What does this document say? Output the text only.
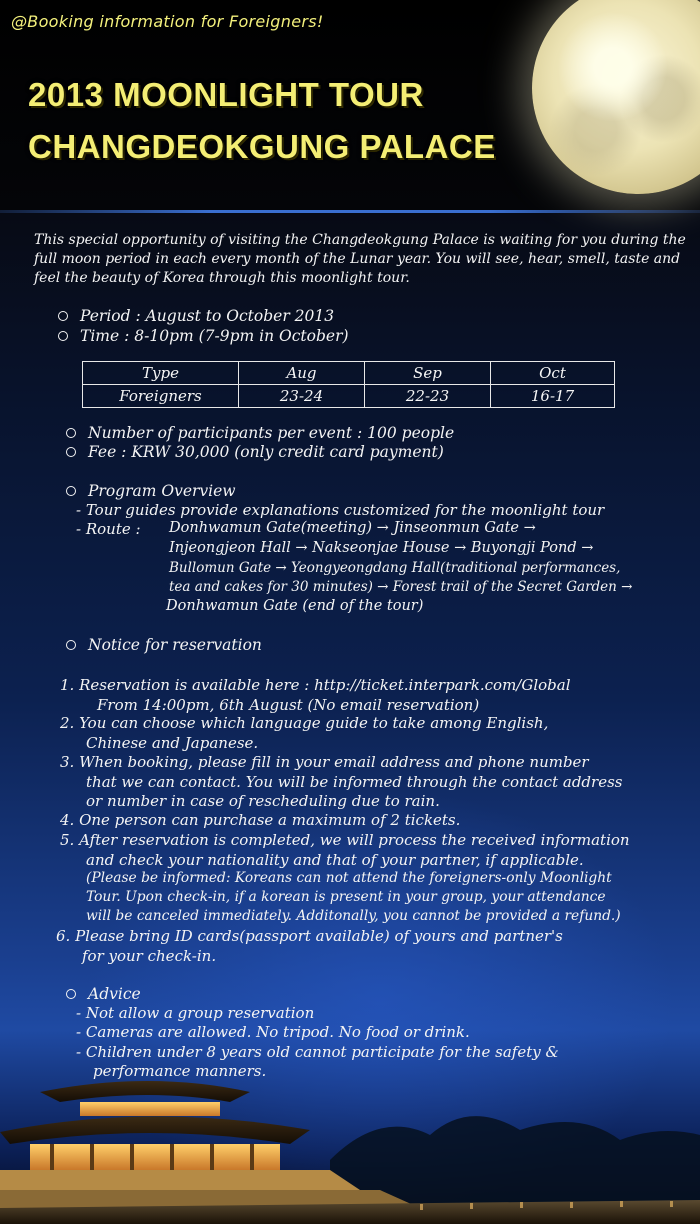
@Booking information for Foreigners!
2013 MOONLIGHT TOUR
CHANGDEOKGUNG PALACE
This special opportunity of visiting the Changdeokgung Palace is waiting for you during the full moon period in each every month of the Lunar year. You will see, hear, smell, taste and feel the beauty of Korea through this moonlight tour.
Period : August to October 2013
Time : 8-10pm (7-9pm in October)
Type	Aug	Sep	Oct
Foreigners	23-24	22-23	16-17
Number of participants per event : 100 people
Fee : KRW 30,000 (only credit card payment)
Program Overview
- Tour guides provide explanations customized for the moonlight tour
- Route : Donhwamun Gate(meeting) → Jinseonmun Gate →
Injeongjeon Hall → Nakseonjae House → Buyongji Pond →
Bullomun Gate → Yeongyeongdang Hall(traditional performances,
tea and cakes for 30 minutes) → Forest trail of the Secret Garden →
Donhwamun Gate (end of the tour)
Notice for reservation
1. Reservation is available here : http://ticket.interpark.com/Global
From 14:00pm, 6th August (No email reservation)
2. You can choose which language guide to take among English,
Chinese and Japanese.
3. When booking, please fill in your email address and phone number
that we can contact. You will be informed through the contact address
or number in case of rescheduling due to rain.
4. One person can purchase a maximum of 2 tickets.
5. After reservation is completed, we will process the received information
and check your nationality and that of your partner, if applicable.
(Please be informed: Koreans can not attend the foreigners-only Moonlight
Tour. Upon check-in, if a korean is present in your group, your attendance
will be canceled immediately. Additonally, you cannot be provided a refund.)
6. Please bring ID cards(passport available) of yours and partner's
for your check-in.
Advice
- Not allow a group reservation
- Cameras are allowed. No tripod. No food or drink.
- Children under 8 years old cannot participate for the safety &
performance manners.
